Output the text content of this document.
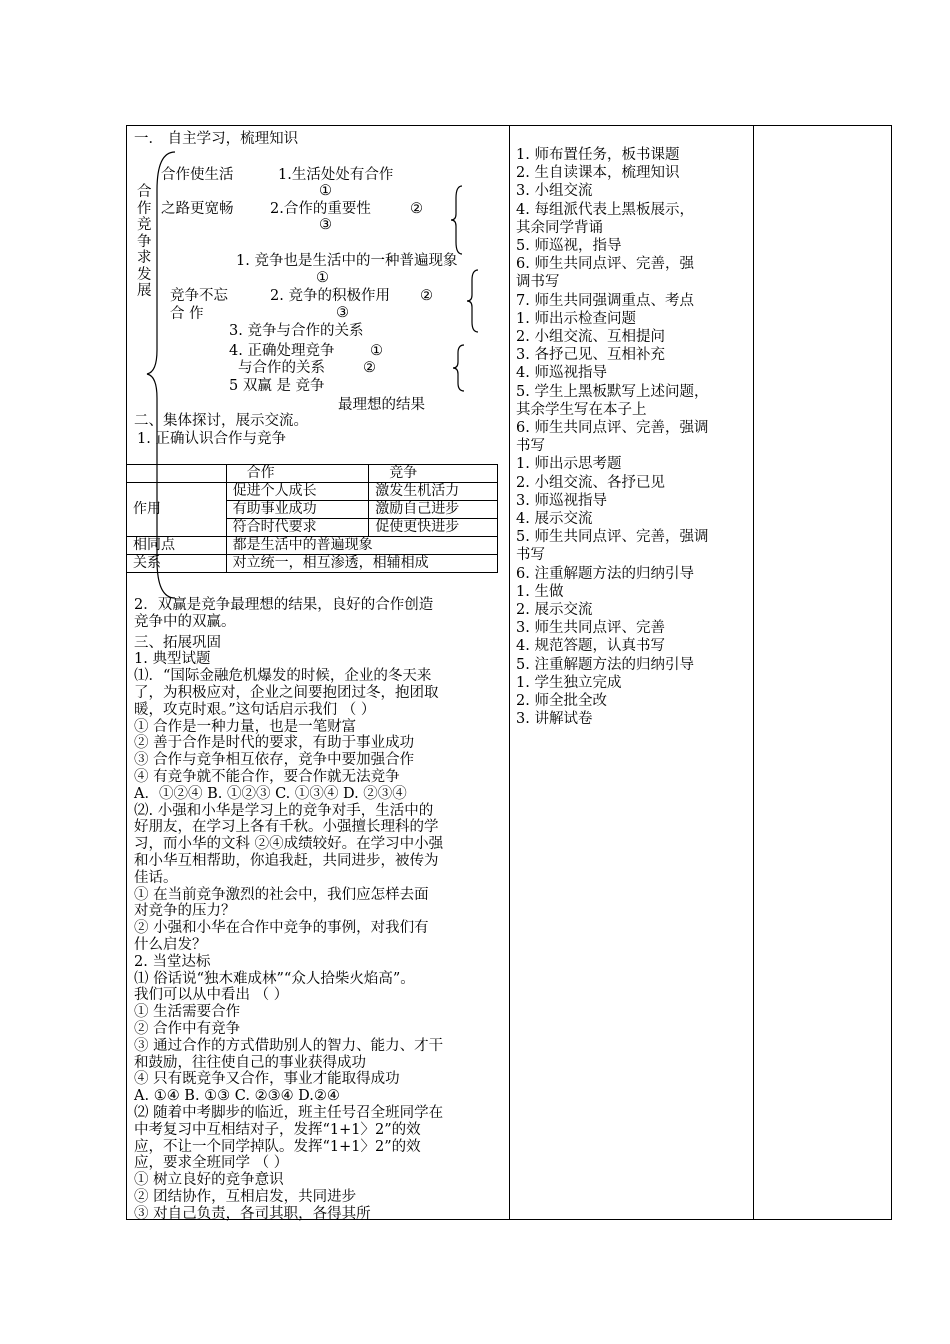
一． 自主学习，梳理知识
合作竞争求发展
合作使生活
之路更宽畅
1.生活处处有合作
①
2.合作的重要性	②
③
1. 竞争也是生活中的一种普遍现象
①
竞争不忘
合 作
2. 竞争的积极作用 ②
③
3. 竞争与合作的关系
4. 正确处理竞争 ①
与合作的关系	②
5 双赢 是 竞争
最理想的结果
二、集体探讨，展示交流。
1. 正确认识合作与竞争
	合作	竞争
作用	促进个人成长	激发生机活力
	有助事业成功	激励自己进步
	符合时代要求	促使更快进步
相同点	都是生活中的普遍现象	
关系	对立统一，相互渗透，相辅相成	
2．双赢是竞争最理想的结果，良好的合作创造
竞争中的双赢。
三、拓展巩固
1. 典型试题
⑴．“国际金融危机爆发的时候，企业的冬天来
了，为积极应对，企业之间要抱团过冬，抱团取
暖，攻克时艰。”这句话启示我们 （ ）
① 合作是一种力量，也是一笔财富
② 善于合作是时代的要求，有助于事业成功
③ 合作与竞争相互依存，竞争中要加强合作
④ 有竞争就不能合作，要合作就无法竞争
A．①②④ B. ①②③ C. ①③④ D. ②③④
⑵. 小强和小华是学习上的竞争对手，生活中的
好朋友，在学习上各有千秋。小强擅长理科的学
习，而小华的文科 ②④成绩较好。在学习中小强
和小华互相帮助，你追我赶，共同进步，被传为
佳话。
① 在当前竞争激烈的社会中，我们应怎样去面
对竞争的压力？
② 小强和小华在合作中竞争的事例，对我们有
什么启发？
2. 当堂达标
⑴ 俗话说“独木难成林”“众人拾柴火焰高”。
我们可以从中看出 （ ）
① 生活需要合作
② 合作中有竞争
③ 通过合作的方式借助别人的智力、能力、才干
和鼓励，往往使自己的事业获得成功
④ 只有既竞争又合作，事业才能取得成功
A. ①④ B. ①③ C. ②③④ D.②④
⑵ 随着中考脚步的临近，班主任号召全班同学在
中考复习中互相结对子，发挥“1+1〉2”的效
应，不让一个同学掉队。发挥“1+1〉2”的效
应，要求全班同学 （ ）
① 树立良好的竞争意识
② 团结协作，互相启发，共同进步
③ 对自己负责，各司其职，各得其所
1. 师布置任务，板书课题
2. 生自读课本，梳理知识
3. 小组交流
4. 每组派代表上黑板展示，
其余同学背诵
5. 师巡视，指导
6. 师生共同点评、完善，强
调书写
7. 师生共同强调重点、考点
1. 师出示检查问题
2. 小组交流、互相提问
3. 各抒己见、互相补充
4. 师巡视指导
5. 学生上黑板默写上述问题，
其余学生写在本子上
6. 师生共同点评、完善，强调
书写
1. 师出示思考题
2. 小组交流、各抒已见
3. 师巡视指导
4. 展示交流
5. 师生共同点评、完善，强调
书写
6. 注重解题方法的归纳引导
1. 生做
2. 展示交流
3. 师生共同点评、完善
4. 规范答题，认真书写
5. 注重解题方法的归纳引导
1. 学生独立完成
2. 师全批全改
3. 讲解试卷
